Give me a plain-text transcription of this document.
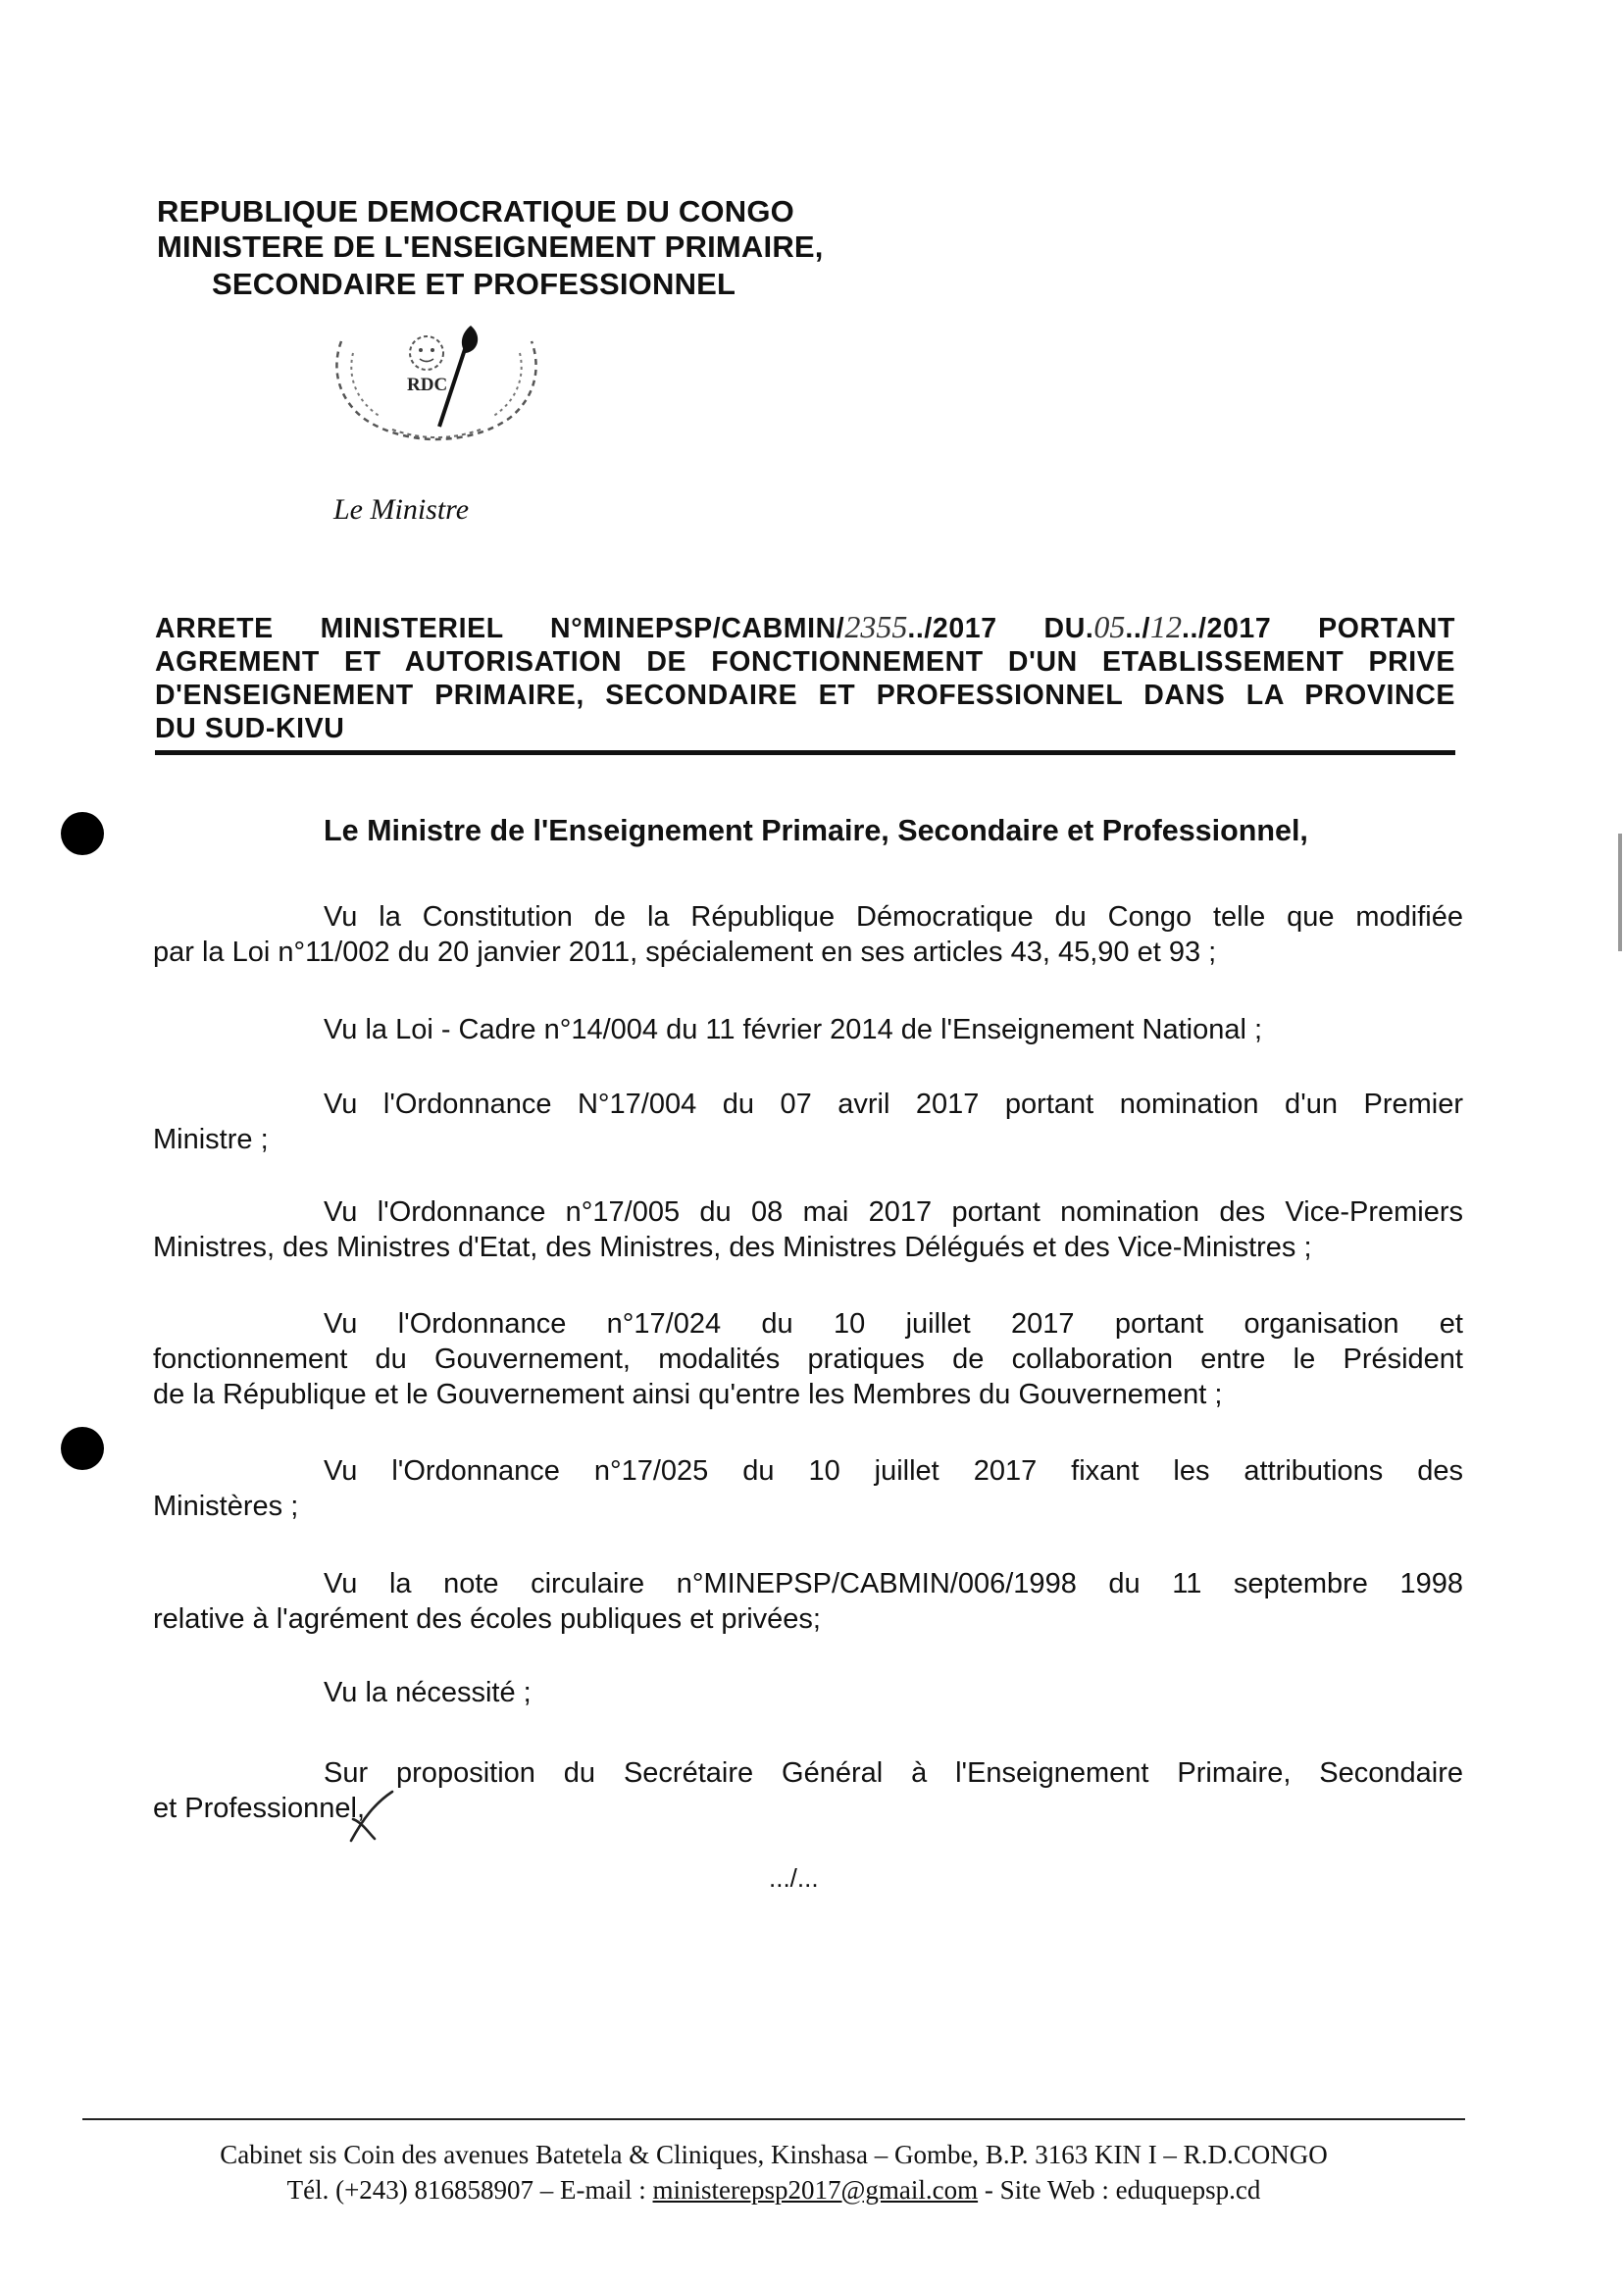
REPUBLIQUE DEMOCRATIQUE DU CONGO
MINISTERE DE L'ENSEIGNEMENT PRIMAIRE,
SECONDAIRE ET PROFESSIONNEL
RDC
Le Ministre
ARRETE MINISTERIEL N°MINEPSP/CABMIN/2355../2017 DU.05../12../2017 PORTANT
AGREMENT ET AUTORISATION DE FONCTIONNEMENT D'UN ETABLISSEMENT PRIVE
D'ENSEIGNEMENT PRIMAIRE, SECONDAIRE ET PROFESSIONNEL DANS LA PROVINCE
DU SUD-KIVU
Le Ministre de l'Enseignement Primaire, Secondaire et Professionnel,
Vu la Constitution de la République Démocratique du Congo telle que modifiée
par la Loi n°11/002 du 20 janvier 2011, spécialement en ses articles 43, 45,90 et 93 ;
Vu la Loi - Cadre n°14/004 du 11 février 2014 de l'Enseignement National ;
Vu l'Ordonnance N°17/004 du 07 avril 2017 portant nomination d'un Premier
Ministre ;
Vu l'Ordonnance n°17/005 du 08 mai 2017 portant nomination des Vice-Premiers
Ministres, des Ministres d'Etat, des Ministres, des Ministres Délégués et des Vice-Ministres ;
Vu l'Ordonnance n°17/024 du 10 juillet 2017 portant organisation et
fonctionnement du Gouvernement, modalités pratiques de collaboration entre le Président
de la République et le Gouvernement ainsi qu'entre les Membres du Gouvernement ;
Vu l'Ordonnance n°17/025 du 10 juillet 2017 fixant les attributions des
Ministères ;
Vu la note circulaire n°MINEPSP/CABMIN/006/1998 du 11 septembre 1998
relative à l'agrément des écoles publiques et privées;
Vu la nécessité ;
Sur proposition du Secrétaire Général à l'Enseignement Primaire, Secondaire
et Professionnel,
.../...
Cabinet sis Coin des avenues Batetela & Cliniques, Kinshasa – Gombe, B.P. 3163 KIN I – R.D.CONGO
Tél. (+243) 816858907 – E-mail : ministerepsp2017@gmail.com - Site Web : eduquepsp.cd
